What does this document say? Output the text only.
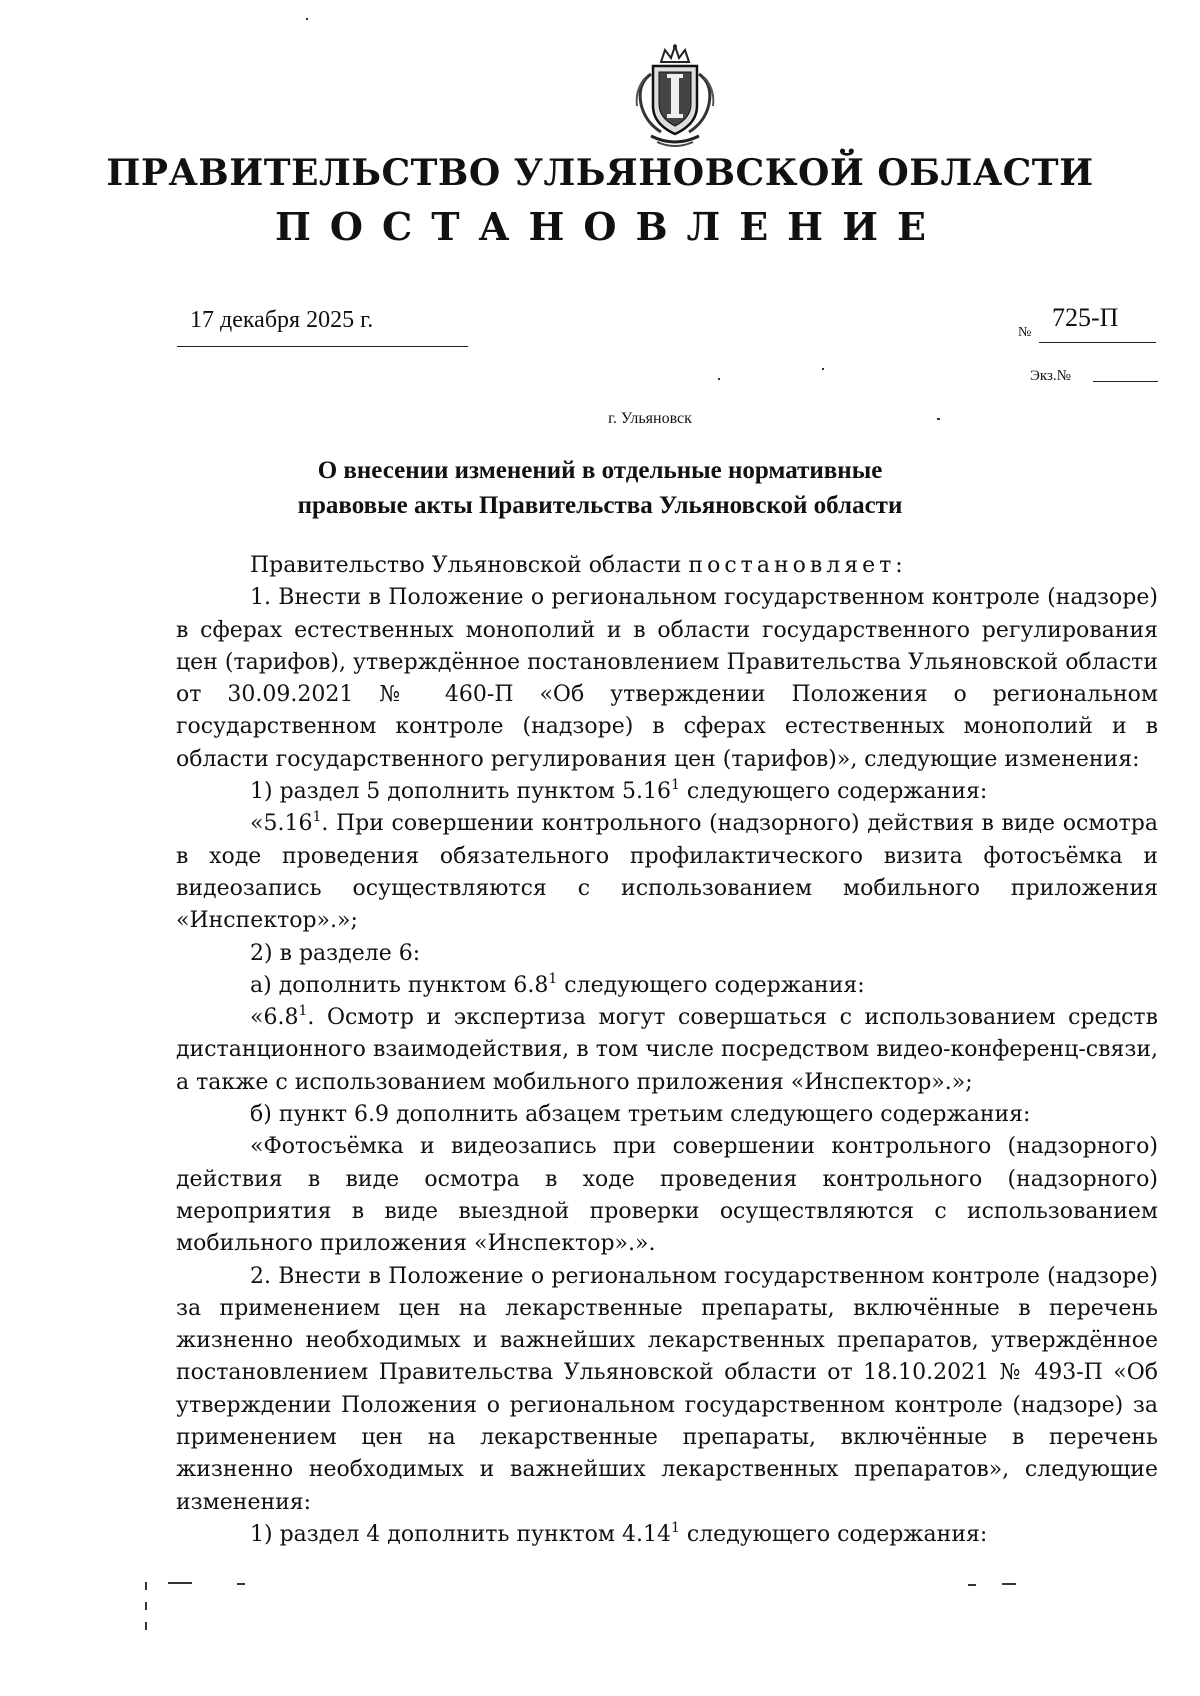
ПРАВИТЕЛЬСТВО УЛЬЯНОВСКОЙ ОБЛАСТИ
ПОСТАНОВЛЕНИЕ
17 декабря 2025 г.	№
725-П
Экз.№
г. Ульяновск
О внесении изменений в отдельные нормативные
правовые акты Правительства Ульяновской области

Правительство Ульяновской области постановляет:

1. Внести в Положение о региональном государственном контроле (надзоре) в сферах естественных монополий и в области государственного регулирования цен (тарифов), утверждённое постановлением Правительства Ульяновской области от 30.09.2021 № 460-П «Об утверждении Положения о региональном государственном контроле (надзоре) в сферах естественных монополий и в области государственного регулирования цен (тарифов)», следующие изменения:

1) раздел 5 дополнить пунктом 5.16$^1$ следующего содержания:

«5.16$^1$. При совершении контрольного (надзорного) действия в виде осмотра в ходе проведения обязательного профилактического визита фотосъёмка и видеозапись осуществляются с использованием мобильного приложения «Инспектор».»;

2) в разделе 6:

а) дополнить пунктом $6.8^1$ следующего содержания:

«$6.8^1$. Осмотр и экспертиза могут совершаться с использованием средств дистанционного взаимодействия, в том числе посредством видео-конференц-связи, а также с использованием мобильного приложения «Инспектор».»;

б) пункт 6.9 дополнить абзацем третьим следующего содержания:

«Фотосъёмка и видеозапись при совершении контрольного (надзорного) действия в виде осмотра в ходе проведения контрольного (надзорного) мероприятия в виде выездной проверки осуществляются с использованием мобильного приложения «Инспектор».».

2. Внести в Положение о региональном государственном контроле (надзоре) за применением цен на лекарственные препараты, включённые в перечень жизненно необходимых и важнейших лекарственных препаратов, утверждённое постановлением Правительства Ульяновской области от 18.10.2021 № 493-П «Об утверждении Положения о региональном государственном контроле (надзоре) за применением цен на лекарственные препараты, включённые в перечень жизненно необходимых и важнейших лекарственных препаратов», следующие изменения:

1) раздел 4 дополнить пунктом 4.14$^1$ следующего содержания:
